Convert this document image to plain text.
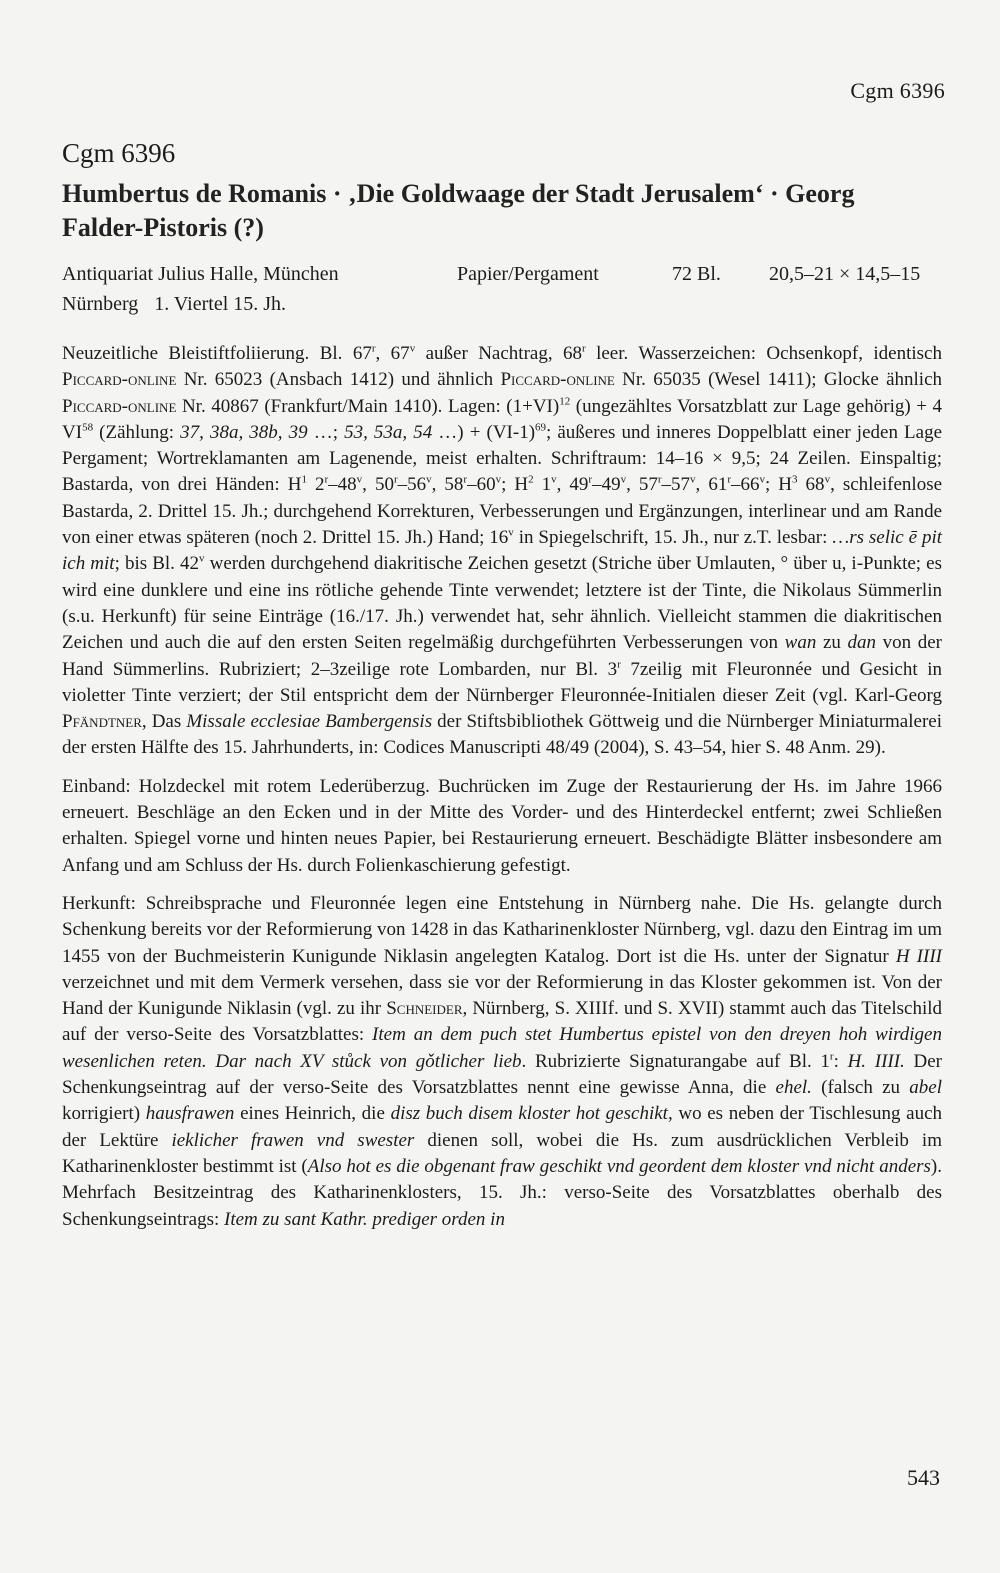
Cgm 6396
Cgm 6396
Humbertus de Romanis · ‚Die Goldwaage der Stadt Jerusalem‘ · Georg Falder-Pistoris (?)
Antiquariat Julius Halle, München	Papier/Pergament	72 Bl.	20,5–21 × 14,5–15
Nürnberg 1. Viertel 15. Jh.

Neuzeitliche Bleistiftfoliierung. Bl. 67$^r$, 67$^v$ außer Nachtrag, 68$^r$ leer. Wasserzeichen: Ochsenkopf, identisch Piccard-online Nr. 65023 (Ansbach 1412) und ähnlich Piccard-online Nr. 65035 (Wesel 1411); Glocke ähnlich Piccard-online Nr. 40867 (Frankfurt/Main 1410). Lagen: $(1+VI)^{12}$ (ungezähltes Vorsatzblatt zur Lage gehörig) + 4 VI$^{58}$ (Zählung: 37, 38a, 38b, 39 …; 53, 53a, 54 …) + $(VI-1)^{69}$; äußeres und inneres Doppelblatt einer jeden Lage Pergament; Wortreklamanten am Lagenende, meist erhalten. Schriftraum: 14–16 × 9,5; 24 Zeilen. Einspaltig; Bastarda, von drei Händen: $H^1$ 2$^r$–48$^v$, 50$^r$–56$^v$, 58$^r$–60$^v$; $H^2$ 1$^v$, 49$^r$–49$^v$, 57$^r$–57$^v$, 61$^r$–66$^v$; $H^3$ 68$^v$, schleifenlose Bastarda, 2. Drittel 15. Jh.; durchgehend Korrekturen, Verbesserungen und Ergänzungen, interlinear und am Rande von einer etwas späteren (noch 2. Drittel 15. Jh.) Hand; 16$^v$ in Spiegelschrift, 15. Jh., nur z.T. lesbar: …rs selic ē pit ich mit; bis Bl. 42$^v$ werden durchgehend diakritische Zeichen gesetzt (Striche über Umlauten, ° über u, i-Punkte; es wird eine dunklere und eine ins rötliche gehende Tinte verwendet; letztere ist der Tinte, die Nikolaus Sümmerlin (s.u. Herkunft) für seine Einträge (16./17. Jh.) verwendet hat, sehr ähnlich. Vielleicht stammen die diakritischen Zeichen und auch die auf den ersten Seiten regelmäßig durchgeführten Verbesserungen von wan zu dan von der Hand Sümmerlins. Rubriziert; 2–3zeilige rote Lombarden, nur Bl. 3$^r$ 7zeilig mit Fleuronnée und Gesicht in violetter Tinte verziert; der Stil entspricht dem der Nürnberger Fleuronnée-Initialen dieser Zeit (vgl. Karl-Georg Pfändtner, Das Missale ecclesiae Bambergensis der Stiftsbibliothek Göttweig und die Nürnberger Miniaturmalerei der ersten Hälfte des 15. Jahrhunderts, in: Codices Manuscripti 48/49 (2004), S. 43–54, hier S. 48 Anm. 29).

Einband: Holzdeckel mit rotem Lederüberzug. Buchrücken im Zuge der Restaurierung der Hs. im Jahre 1966 erneuert. Beschläge an den Ecken und in der Mitte des Vorder- und des Hinterdeckel entfernt; zwei Schließen erhalten. Spiegel vorne und hinten neues Papier, bei Restaurierung erneuert. Beschädigte Blätter insbesondere am Anfang und am Schluss der Hs. durch Folienkaschierung gefestigt.

Herkunft: Schreibsprache und Fleuronnée legen eine Entstehung in Nürnberg nahe. Die Hs. gelangte durch Schenkung bereits vor der Reformierung von 1428 in das Katharinenkloster Nürnberg, vgl. dazu den Eintrag im um 1455 von der Buchmeisterin Kunigunde Niklasin angelegten Katalog. Dort ist die Hs. unter der Signatur H IIII verzeichnet und mit dem Vermerk versehen, dass sie vor der Reformierung in das Kloster gekommen ist. Von der Hand der Kunigunde Niklasin (vgl. zu ihr Schneider, Nürnberg, S. XIIIf. und S. XVII) stammt auch das Titelschild auf der verso-Seite des Vorsatzblattes: Item an dem puch stet Humbertus epistel von den dreyen hoh wirdigen wesenlichen reten. Dar nach XV stůck von gǒtlicher lieb. Rubrizierte Signaturangabe auf Bl. 1$^r$: H. IIII. Der Schenkungseintrag auf der verso-Seite des Vorsatzblattes nennt eine gewisse Anna, die ehel. (falsch zu abel korrigiert) hausfrawen eines Heinrich, die disz buch disem kloster hot geschikt, wo es neben der Tischlesung auch der Lektüre ieklicher frawen vnd swester dienen soll, wobei die Hs. zum ausdrücklichen Verbleib im Katharinenkloster bestimmt ist (Also hot es die obgenant fraw geschikt vnd geordent dem kloster vnd nicht anders). Mehrfach Besitzeintrag des Katharinenklosters, 15. Jh.: verso-Seite des Vorsatzblattes oberhalb des Schenkungseintrags: Item zu sant Kathr. prediger orden in

543
